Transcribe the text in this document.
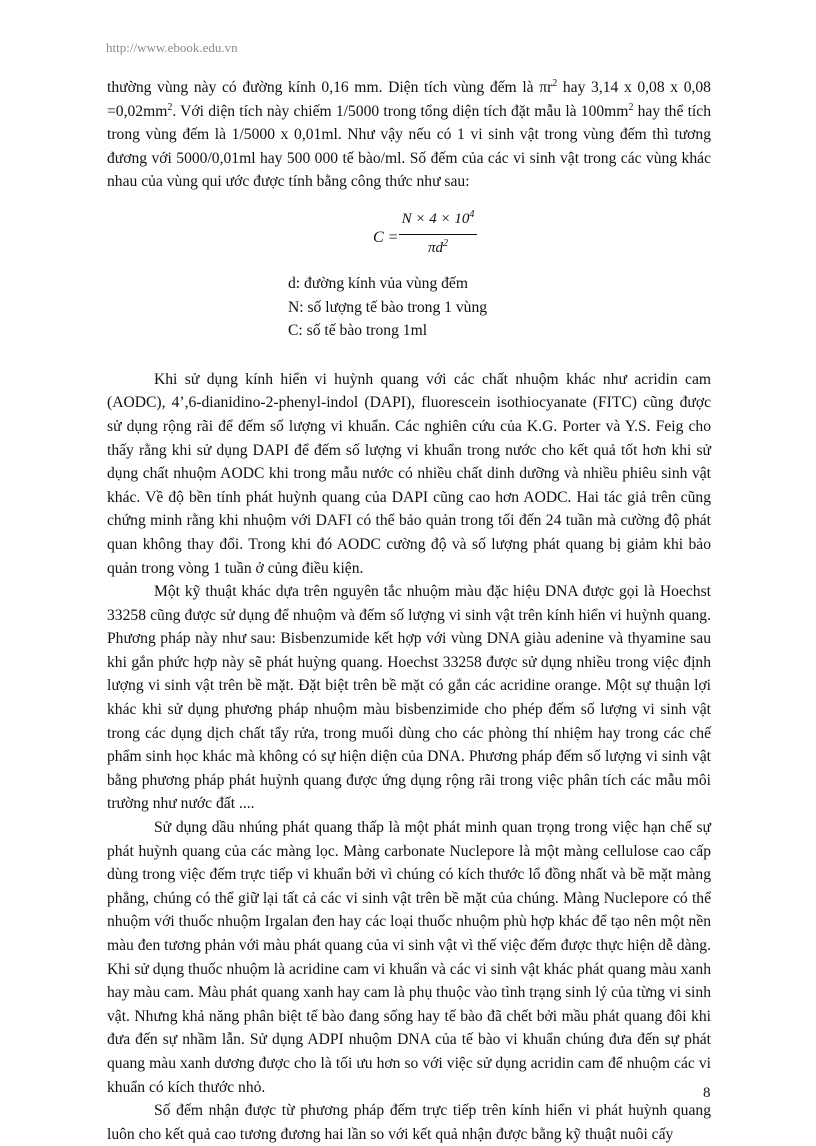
http://www.ebook.edu.vn

thường vùng này có đường kính 0,16 mm. Diện tích vùng đếm là $\pi r^2$ hay 3,14 x 0,08 x $0,08 =0,02mm^2$. Với diện tích này chiếm 1/5000 trong tổng diện tích đặt mẫu là $100mm^2$ hay thể tích trong vùng đếm là 1/5000 x 0,01ml. Như vậy nếu có 1 vi sinh vật trong vùng đếm thì tương đương với 5000/0,01ml hay 500 000 tế bào/ml. Số đếm của các vi sinh vật trong các vùng khác nhau của vùng qui ước được tính bằng công thức như sau:

$C = \frac{N \times 4 \times 10^4}{\pi d^2}$
d: đường kính vủa vùng đếm
N: số lượng tế bào trong 1 vùng
C: số tế bào trong 1ml

Khi sử dụng kính hiển vi huỳnh quang với các chất nhuộm khác như acridin cam (AODC), 4’,6-dianidino-2-phenyl-indol (DAPI), fluorescein isothiocyanate (FITC) cũng được sử dụng rộng rãi để đếm số lượng vi khuẩn. Các nghiên cứu của K.G. Porter và Y.S. Feig cho thấy rằng khi sử dụng DAPI để đếm số lượng vi khuẩn trong nước cho kết quả tốt hơn khi sử dụng chất nhuộm AODC khi trong mẫu nước có nhiều chất dinh dưỡng và nhiều phiêu sinh vật khác. Về độ bền tính phát huỳnh quang của DAPI cũng cao hơn AODC. Hai tác giả trên cũng chứng minh rằng khi nhuộm với DAFI có thể bảo quản trong tối đến 24 tuần mà cường độ phát quan không thay đổi. Trong khi đó AODC cường độ và số lượng phát quang bị giảm khi bảo quản trong vòng 1 tuần ở củng điều kiện.

Một kỹ thuật khác dựa trên nguyên tắc nhuộm màu đặc hiệu DNA được gọi là Hoechst 33258 cũng được sử dụng để nhuộm và đếm số lượng vi sinh vật trên kính hiển vi huỳnh quang. Phương pháp này như sau: Bisbenzumide kết hợp với vùng DNA giàu adenine và thyamine sau khi gắn phức hợp này sẽ phát huỳng quang. Hoechst 33258 được sử dụng nhiều trong việc định lượng vi sinh vật trên bề mặt. Đặt biệt trên bề mặt có gắn các acridine orange. Một sự thuận lợi khác khi sử dụng phương pháp nhuộm màu bisbenzimide cho phép đếm số lượng vi sinh vật trong các dụng dịch chất tẩy rửa, trong muối dùng cho các phòng thí nhiệm hay trong các chế phẩm sinh học khác mà không có sự hiện diện của DNA. Phương pháp đếm số lượng vi sinh vật bằng phương pháp phát huỳnh quang được ứng dụng rộng rãi trong việc phân tích các mẫu môi trường như nước đất ....

Sử dụng dầu nhúng phát quang thấp là một phát minh quan trọng trong việc hạn chế sự phát huỳnh quang của các màng lọc. Màng carbonate Nuclepore là một màng cellulose cao cấp dùng trong việc đếm trực tiếp vi khuẩn bởi vì chúng có kích thước lổ đồng nhất và bề mặt màng phẳng, chúng có thể giữ lại tất cả các vi sinh vật trên bề mặt của chúng. Màng Nuclepore có thể nhuộm với thuốc nhuộm Irgalan đen hay các loại thuốc nhuộm phù hợp khác để tạo nên một nền màu đen tương phản với màu phát quang của vi sinh vật vì thế việc đếm được thực hiện dễ dàng. Khi sử dụng thuốc nhuộm là acridine cam vi khuẩn và các vi sinh vật khác phát quang màu xanh hay màu cam. Màu phát quang xanh hay cam là phụ thuộc vào tình trạng sinh lý của từng vi sinh vật. Nhưng khả năng phân biệt tế bào đang sống hay tế bào đã chết bởi mầu phát quang đôi khi đưa đến sự nhầm lẫn. Sử dụng ADPI nhuộm DNA của tế bào vi khuẩn chúng đưa đến sự phát quang màu xanh dương được cho là tối ưu hơn so với việc sử dụng acridin cam để nhuộm các vi khuẩn có kích thước nhỏ.

Số đếm nhận được từ phương pháp đếm trực tiếp trên kính hiển vi phát huỳnh quang luôn cho kết quả cao tương đương hai lần so với kết quả nhận được bằng kỹ thuật nuôi cấy

8
